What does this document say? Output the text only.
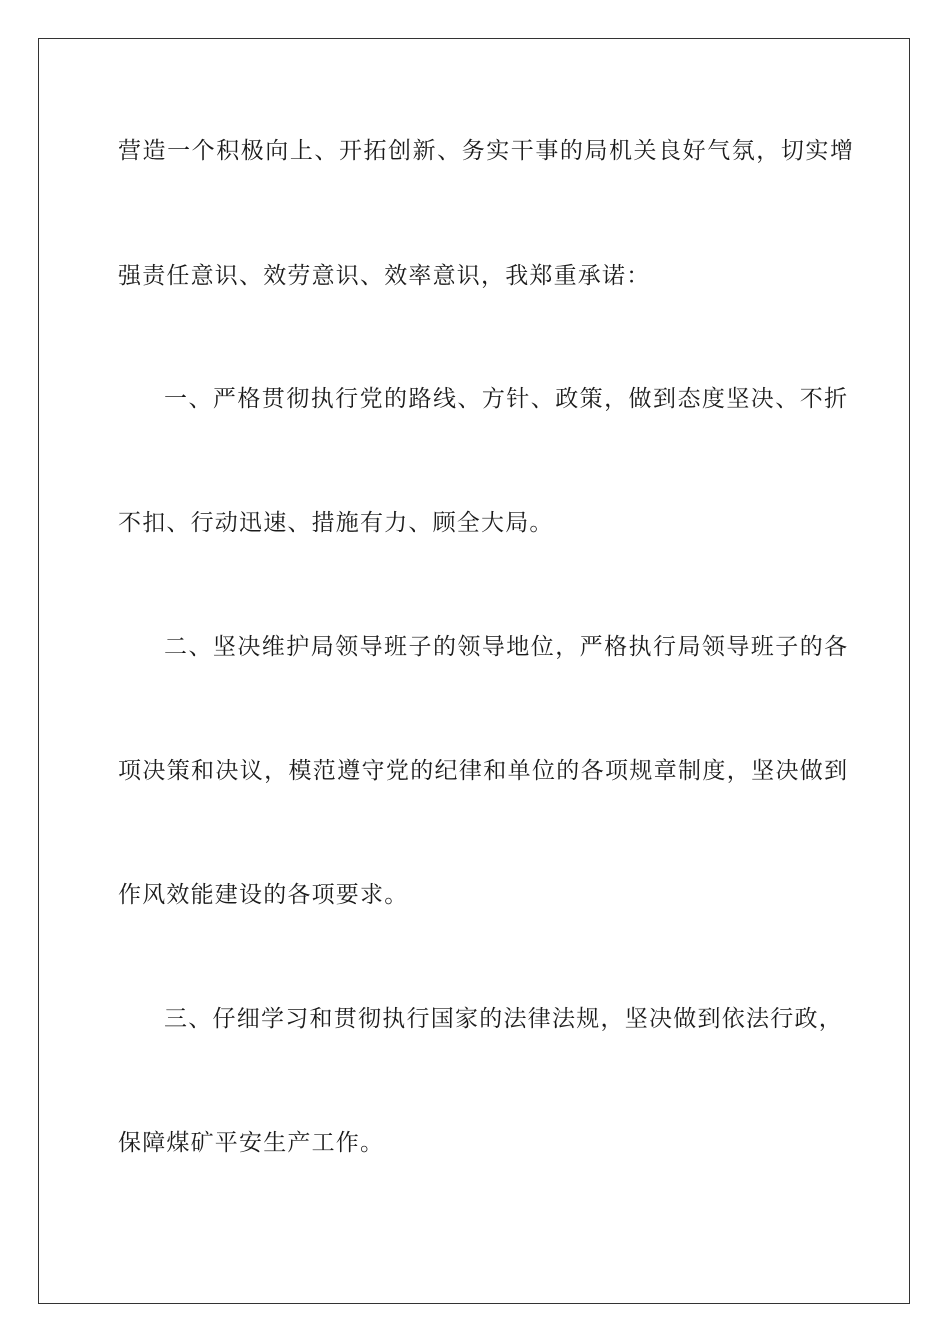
营造一个积极向上、开拓创新、务实干事的局机关良好气氛，切实增
强责任意识、效劳意识、效率意识，我郑重承诺：
一、严格贯彻执行党的路线、方针、政策，做到态度坚决、不折
不扣、行动迅速、措施有力、顾全大局。
二、坚决维护局领导班子的领导地位，严格执行局领导班子的各
项决策和决议，模范遵守党的纪律和单位的各项规章制度，坚决做到
作风效能建设的各项要求。
三、仔细学习和贯彻执行国家的法律法规，坚决做到依法行政，
保障煤矿平安生产工作。
